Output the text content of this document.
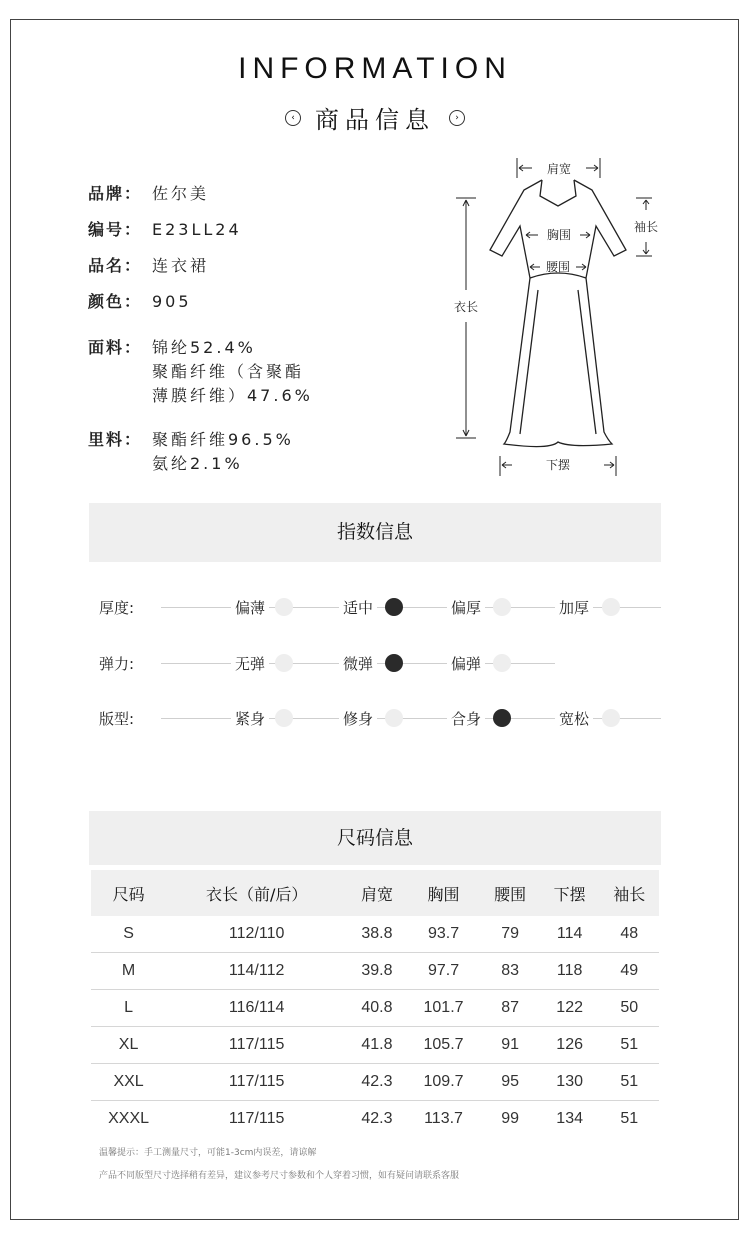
INFORMATION
‹ 商品信息	›
品牌： 佐尔美
编号： E23LL24
品名： 连衣裙
颜色： 905
面料： 锦纶52.4%
聚酯纤维（含聚酯
薄膜纤维）47.6%
里料： 聚酯纤维96.5%
氨纶2.1%
肩宽
袖长
胸围
腰围
衣长
下摆
指数信息
厚度:	偏薄	适中	偏厚	加厚
弹力:	无弹	微弹	偏弹
版型:	紧身	修身	合身	宽松
尺码信息
尺码	衣长（前/后）	肩宽	胸围	腰围	下摆	袖长
S	112/110	38.8	93.7	79	114	48
M	114/112	39.8	97.7	83	118	49
L	116/114	40.8	101.7	87	122	50
XL	117/115	41.8	105.7	91	126	51
XXL	117/115	42.3	109.7	95	130	51
XXXL	117/115	42.3	113.7	99	134	51
温馨提示：手工测量尺寸，可能1-3cm内误差，请谅解
产品不同版型尺寸选择稍有差异，建议参考尺寸参数和个人穿着习惯，如有疑问请联系客服
